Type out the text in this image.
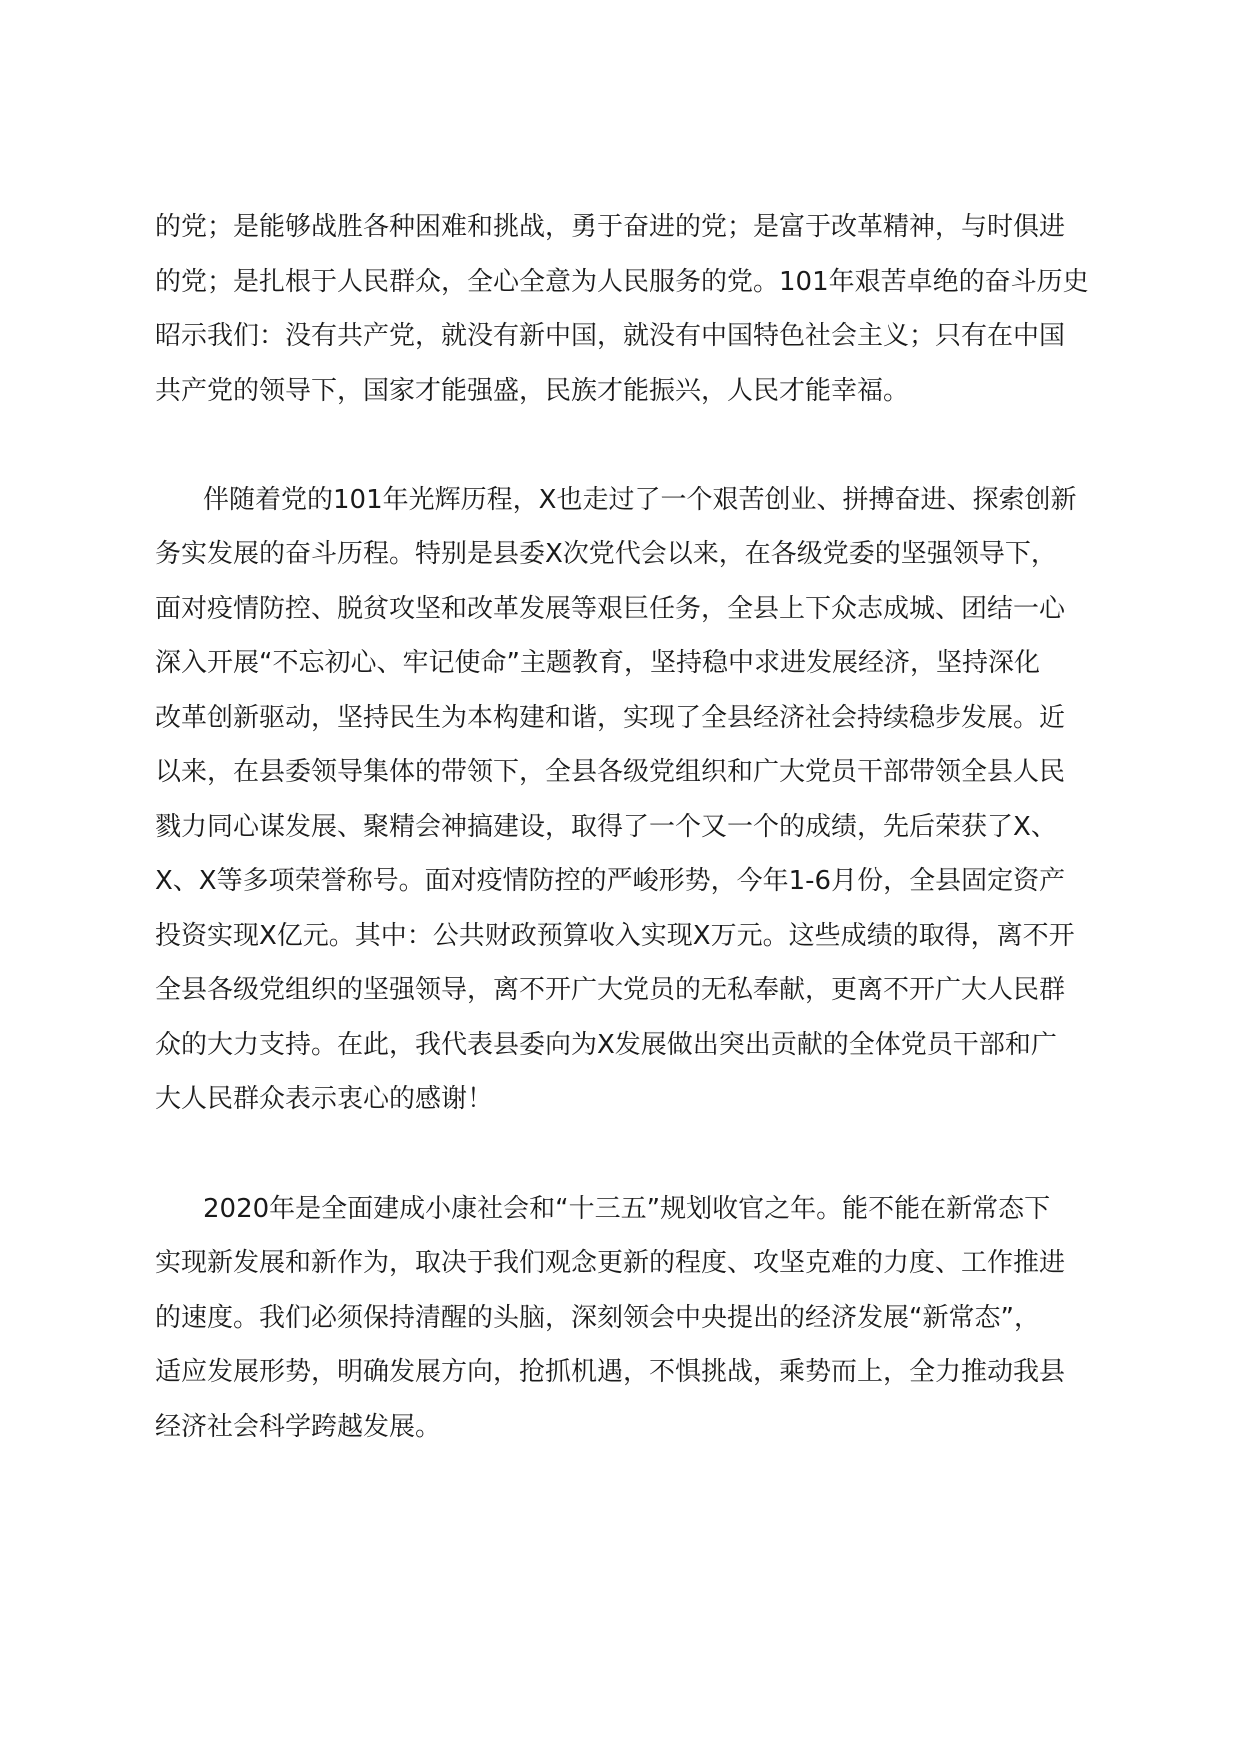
的党；是能够战胜各种困难和挑战，勇于奋进的党；是富于改革精神，与时俱进
的党；是扎根于人民群众，全心全意为人民服务的党。101年艰苦卓绝的奋斗历史
昭示我们：没有共产党，就没有新中国，就没有中国特色社会主义；只有在中国
共产党的领导下，国家才能强盛，民族才能振兴，人民才能幸福。
伴随着党的101年光辉历程，X也走过了一个艰苦创业、拼搏奋进、探索创新
务实发展的奋斗历程。特别是县委X次党代会以来，在各级党委的坚强领导下，
面对疫情防控、脱贫攻坚和改革发展等艰巨任务，全县上下众志成城、团结一心
深入开展“不忘初心、牢记使命”主题教育，坚持稳中求进发展经济，坚持深化
改革创新驱动，坚持民生为本构建和谐，实现了全县经济社会持续稳步发展。近
以来，在县委领导集体的带领下，全县各级党组织和广大党员干部带领全县人民
戮力同心谋发展、聚精会神搞建设，取得了一个又一个的成绩，先后荣获了X、
X、X等多项荣誉称号。面对疫情防控的严峻形势，今年1-6月份，全县固定资产
投资实现X亿元。其中：公共财政预算收入实现X万元。这些成绩的取得，离不开
全县各级党组织的坚强领导，离不开广大党员的无私奉献，更离不开广大人民群
众的大力支持。在此，我代表县委向为X发展做出突出贡献的全体党员干部和广
大人民群众表示衷心的感谢！
2020年是全面建成小康社会和“十三五”规划收官之年。能不能在新常态下
实现新发展和新作为，取决于我们观念更新的程度、攻坚克难的力度、工作推进
的速度。我们必须保持清醒的头脑，深刻领会中央提出的经济发展“新常态”，
适应发展形势，明确发展方向，抢抓机遇，不惧挑战，乘势而上，全力推动我县
经济社会科学跨越发展。
